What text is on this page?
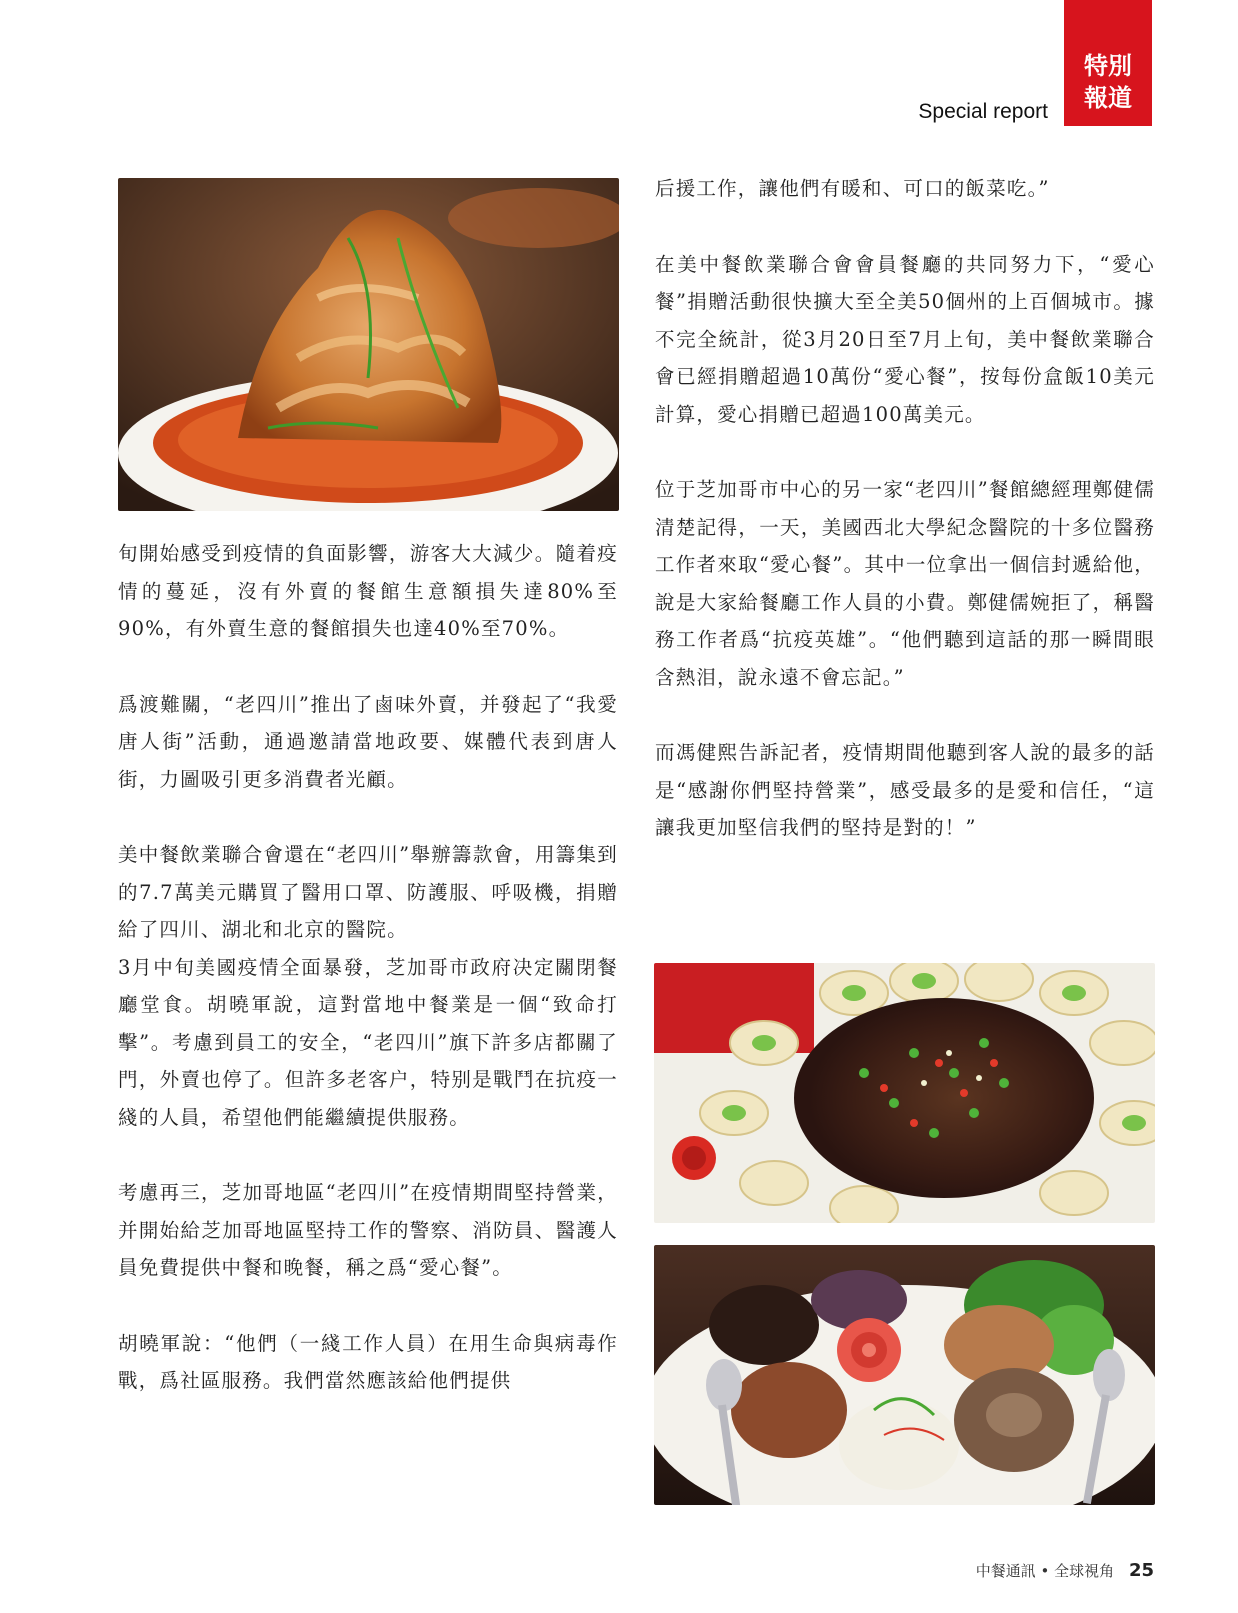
特別
報道
Special report

旬開始感受到疫情的負面影響，游客大大減少。隨着疫情的蔓延，沒有外賣的餐館生意額損失達80%至90%，有外賣生意的餐館損失也達40%至70%。

爲渡難關，“老四川”推出了鹵味外賣，并發起了“我愛唐人街”活動，通過邀請當地政要、媒體代表到唐人街，力圖吸引更多消費者光顧。

美中餐飲業聯合會還在“老四川”舉辦籌款會，用籌集到的7.7萬美元購買了醫用口罩、防護服、呼吸機，捐贈給了四川、湖北和北京的醫院。

3月中旬美國疫情全面暴發，芝加哥市政府决定關閉餐廳堂食。胡曉軍說，這對當地中餐業是一個“致命打擊”。考慮到員工的安全，“老四川”旗下許多店都關了門，外賣也停了。但許多老客户，特别是戰鬥在抗疫一綫的人員，希望他們能繼續提供服務。

考慮再三，芝加哥地區“老四川”在疫情期間堅持營業，并開始給芝加哥地區堅持工作的警察、消防員、醫護人員免費提供中餐和晚餐，稱之爲“愛心餐”。

胡曉軍說：“他們（一綫工作人員）在用生命與病毒作戰，爲社區服務。我們當然應該給他們提供

后援工作，讓他們有暖和、可口的飯菜吃。”

在美中餐飲業聯合會會員餐廳的共同努力下，“愛心餐”捐贈活動很快擴大至全美50個州的上百個城市。據不完全統計，從3月20日至7月上旬，美中餐飲業聯合會已經捐贈超過10萬份“愛心餐”，按每份盒飯10美元計算，愛心捐贈已超過100萬美元。

位于芝加哥市中心的另一家“老四川”餐館總經理鄭健儒清楚記得，一天，美國西北大學紀念醫院的十多位醫務工作者來取“愛心餐”。其中一位拿出一個信封遞給他，說是大家給餐廳工作人員的小費。鄭健儒婉拒了，稱醫務工作者爲“抗疫英雄”。“他們聽到這話的那一瞬間眼含熱泪，說永遠不會忘記。”

而馮健熙告訴記者，疫情期間他聽到客人說的最多的話是“感謝你們堅持營業”，感受最多的是愛和信任，“這讓我更加堅信我們的堅持是對的！”

中餐通訊 • 全球視角 25
